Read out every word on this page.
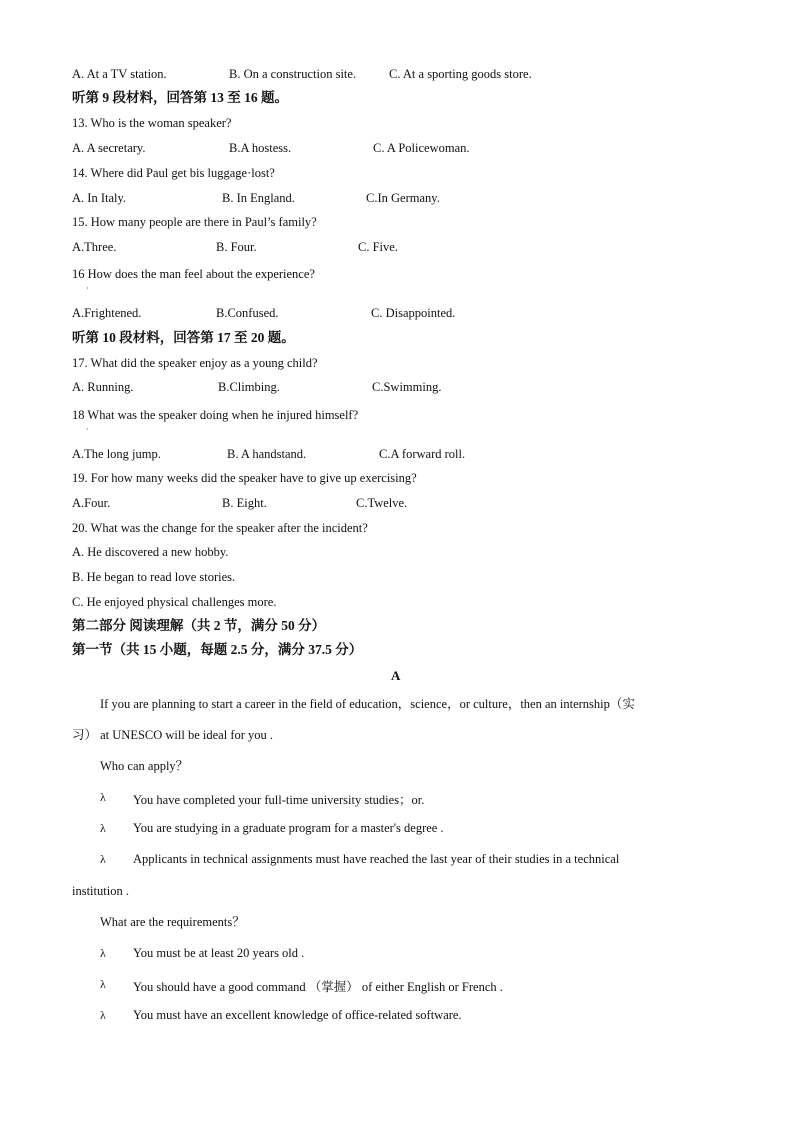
A. At a TV station.	B. On a construction site.	C. At a sporting goods store.
听第 9 段材料，回答第 13 至 16 题。
13. Who is the woman speaker?
A. A secretary.	B.A hostess.	C. A Policewoman.
14. Where did Paul get bis luggage·lost?
A. In Italy.	B. In England.	C.In Germany.
15. How many people are there in Paul’s family?
A.Three.	B. Four.	C. Five.
16 How does the man feel about the experience?
·
A.Frightened.	B.Confused.	C. Disappointed.
听第 10 段材料，回答第 17 至 20 题。
17. What did the speaker enjoy as a young child?
A. Running.	B.Climbing.	C.Swimming.
18 What was the speaker doing when he injured himself?
·
A.The long jump.	B. A handstand.	C.A forward roll.
19. For how many weeks did the speaker have to give up exercising?
A.Four.	B. Eight.	C.Twelve.
20. What was the change for the speaker after the incident?
A. He discovered a new hobby.
B. He began to read love stories.
C. He enjoyed physical challenges more.
第二部分 阅读理解（共 2 节，满分 50 分）
第一节（共 15 小题，每题 2.5 分，满分 37.5 分）
A
If you are planning to start a career in the field of education，science，or culture，then an internship（实
习） at UNESCO will be ideal for you .
Who can apply？
λ You have completed your full-time university studies；or.
λ You are studying in a graduate program for a master's degree .
λ Applicants in technical assignments must have reached the last year of their studies in a technical
institution .
What are the requirements？
λ You must be at least 20 years old .
λ You should have a good command （掌握） of either English or French .
λ You must have an excellent knowledge of office-related software.
